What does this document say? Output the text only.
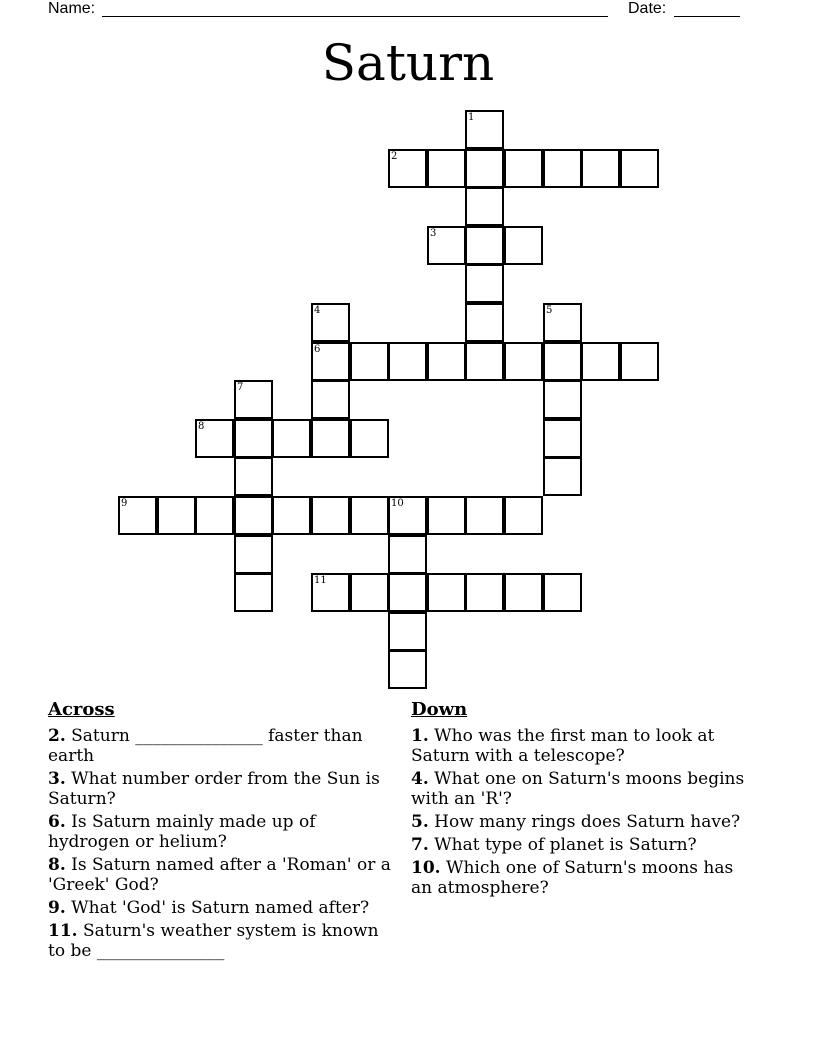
Name:	Date:
Saturn
1
2
3
4	5
6
7
8
9	10
11
Across
2. Saturn _______________ faster than earth
3. What number order from the Sun is Saturn?
6. Is Saturn mainly made up of hydrogen or helium?
8. Is Saturn named after a 'Roman' or a 'Greek' God?
9. What 'God' is Saturn named after?
11. Saturn's weather system is known to be _______________
Down
1. Who was the first man to look at Saturn with a telescope?
4. What one on Saturn's moons begins with an 'R'?
5. How many rings does Saturn have?
7. What type of planet is Saturn?
10. Which one of Saturn's moons has an atmosphere?
